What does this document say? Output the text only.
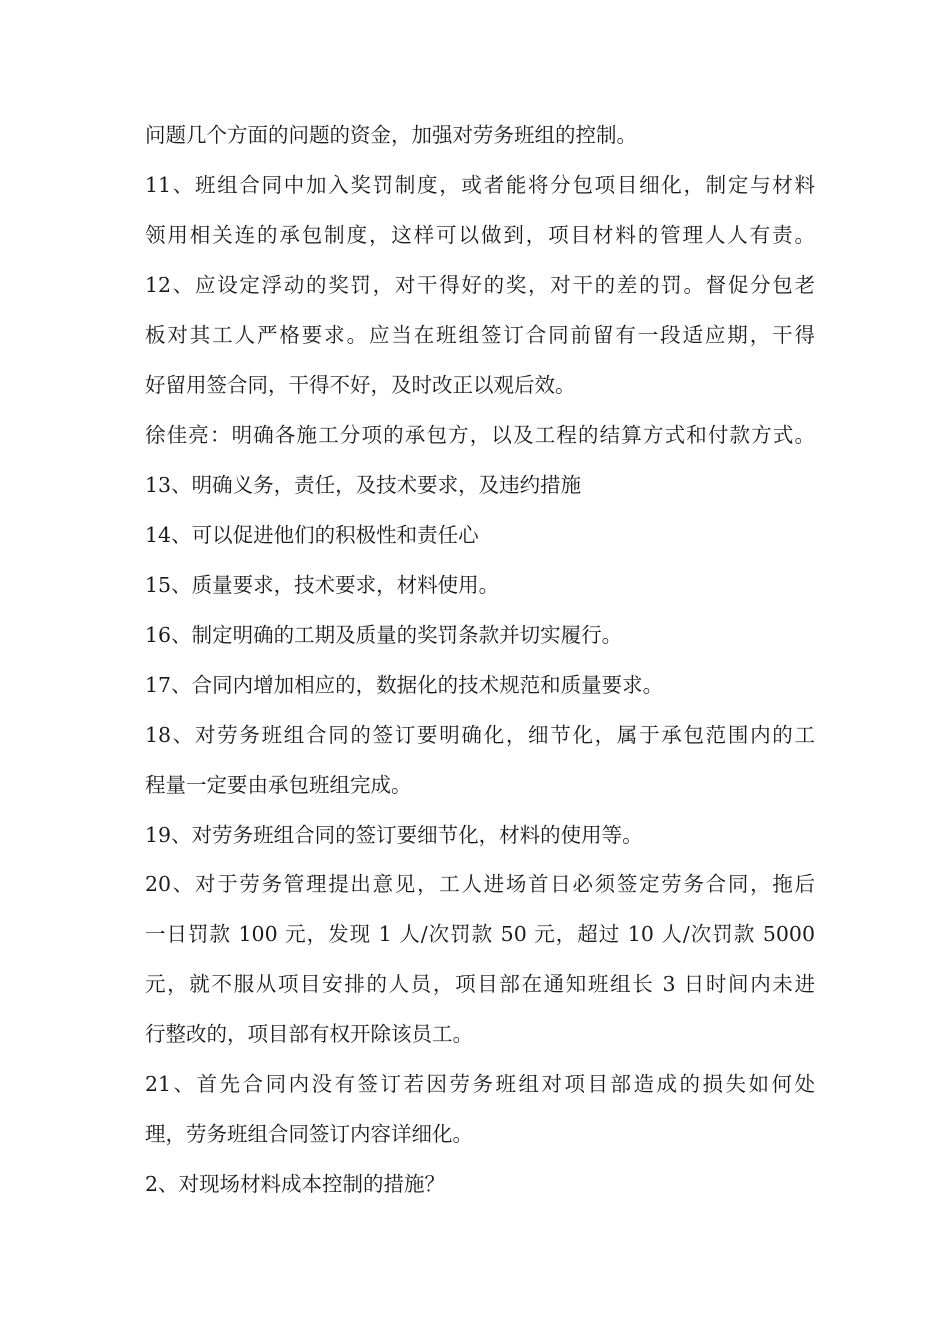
问题几个方面的问题的资金，加强对劳务班组的控制。
11、班组合同中加入奖罚制度，或者能将分包项目细化，制定与材料
领用相关连的承包制度，这样可以做到，项目材料的管理人人有责。
12、应设定浮动的奖罚，对干得好的奖，对干的差的罚。督促分包老
板对其工人严格要求。应当在班组签订合同前留有一段适应期，干得
好留用签合同，干得不好，及时改正以观后效。
徐佳亮：明确各施工分项的承包方，以及工程的结算方式和付款方式。
13、明确义务，责任，及技术要求，及违约措施
14、可以促进他们的积极性和责任心
15、质量要求，技术要求，材料使用。
16、制定明确的工期及质量的奖罚条款并切实履行。
17、合同内增加相应的，数据化的技术规范和质量要求。
18、对劳务班组合同的签订要明确化，细节化，属于承包范围内的工
程量一定要由承包班组完成。
19、对劳务班组合同的签订要细节化，材料的使用等。
20、对于劳务管理提出意见，工人进场首日必须签定劳务合同，拖后
一日罚款 100 元，发现 1 人/次罚款 50 元，超过 10 人/次罚款 5000
元，就不服从项目安排的人员，项目部在通知班组长 3 日时间内未进
行整改的，项目部有权开除该员工。
21、首先合同内没有签订若因劳务班组对项目部造成的损失如何处
理，劳务班组合同签订内容详细化。
2、对现场材料成本控制的措施？
